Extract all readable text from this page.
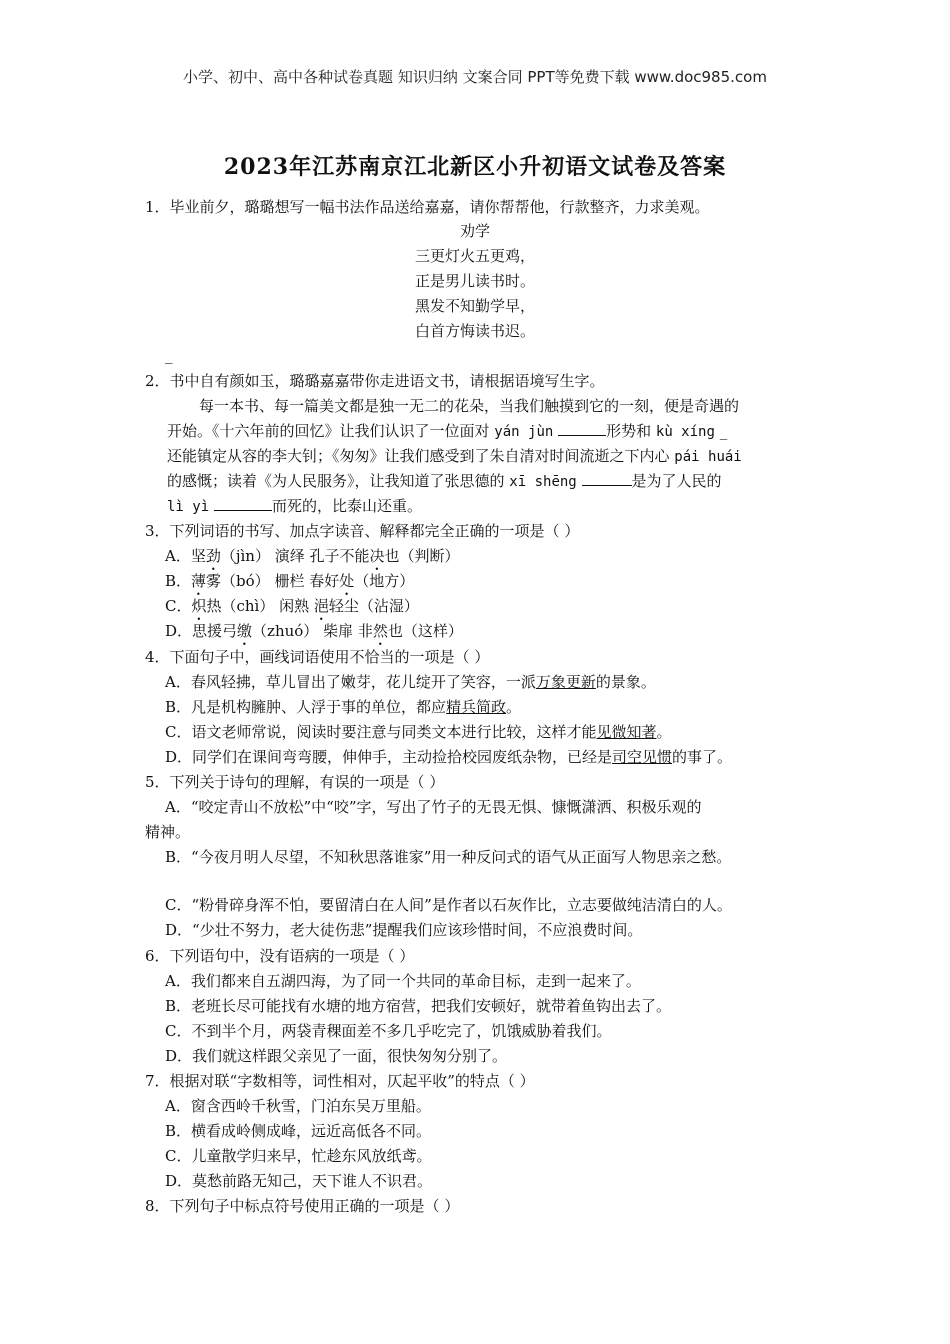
小学、初中、高中各种试卷真题 知识归纳 文案合同 PPT等免费下载 www.doc985.com
2023年江苏南京江北新区小升初语文试卷及答案
1．毕业前夕，璐璐想写一幅书法作品送给嘉嘉，请你帮帮他，行款整齐，力求美观。
劝学
三更灯火五更鸡，
正是男儿读书时。
黑发不知勤学早，
白首方悔读书迟。
_
2．书中自有颜如玉，璐璐嘉嘉带你走进语文书，请根据语境写生字。
每一本书、每一篇美文都是独一无二的花朵，当我们触摸到它的一刻，便是奇遇的
开始。《十六年前的回忆》让我们认识了一位面对 yán jùn	形势和 kù xíng _
还能镇定从容的李大钊；《匆匆》让我们感受到了朱自清对时间流逝之下内心 pái huái
的感慨；读着《为人民服务》，让我知道了张思德的 xī shēng	是为了人民的
lì yì	而死的，比泰山还重。
3．下列词语的书写、加点字读音、解释都完全正确的一项是（ ）
A．坚劲（jìn） 演绎 孔子不能决也（判断）
B．薄雾（bó） 栅栏 春好处（地方）
C．炽热（chì） 闲熟 浥轻尘（沾湿）
D．思援弓缴（zhuó） 柴扉 非然也（这样）
4．下面句子中，画线词语使用不恰当的一项是（ ）
A．春风轻拂，草儿冒出了嫩芽，花儿绽开了笑容，一派万象更新的景象。
B．凡是机构臃肿、人浮于事的单位，都应精兵简政。
C．语文老师常说，阅读时要注意与同类文本进行比较，这样才能见微知著。
D．同学们在课间弯弯腰，伸伸手，主动捡拾校园废纸杂物，已经是司空见惯的事了。
5．下列关于诗句的理解，有误的一项是（ ）
A．“咬定青山不放松”中“咬”字，写出了竹子的无畏无惧、慷慨潇洒、积极乐观的
精神。
B．“今夜月明人尽望，不知秋思落谁家”用一种反问式的语气从正面写人物思亲之愁。
C．“粉骨碎身浑不怕，要留清白在人间”是作者以石灰作比，立志要做纯洁清白的人。
D．“少壮不努力，老大徒伤悲”提醒我们应该珍惜时间，不应浪费时间。
6．下列语句中，没有语病的一项是（ ）
A．我们都来自五湖四海，为了同一个共同的革命目标，走到一起来了。
B．老班长尽可能找有水塘的地方宿营，把我们安顿好，就带着鱼钩出去了。
C．不到半个月，两袋青稞面差不多几乎吃完了，饥饿威胁着我们。
D．我们就这样跟父亲见了一面，很快匆匆分别了。
7．根据对联“字数相等，词性相对，仄起平收”的特点（ ）
A．窗含西岭千秋雪，门泊东吴万里船。
B．横看成岭侧成峰，远近高低各不同。
C．儿童散学归来早，忙趁东风放纸鸢。
D．莫愁前路无知己，天下谁人不识君。
8．下列句子中标点符号使用正确的一项是（ ）
